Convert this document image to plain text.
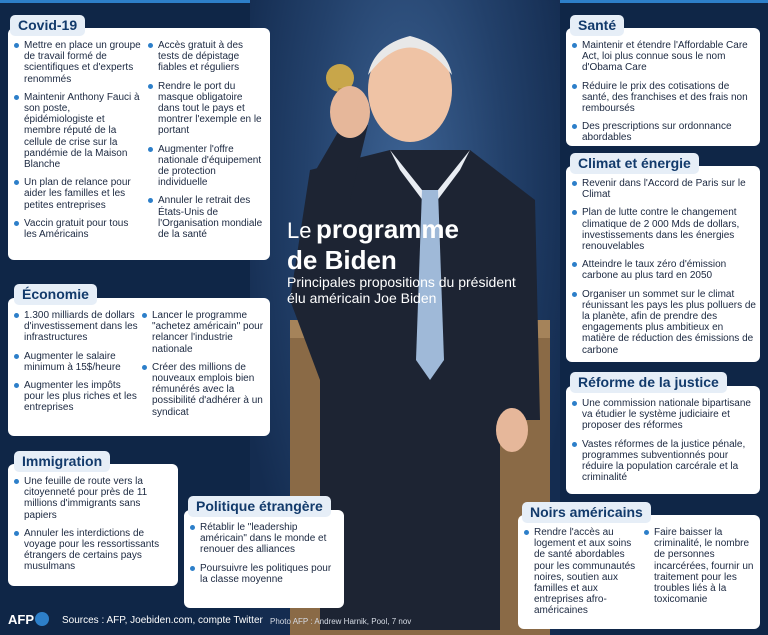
Le programme
de Biden
Principales propositions du président élu américain Joe Biden
Covid-19
Mettre en place un groupe de travail formé de scientifiques et d'experts renommés
Maintenir Anthony Fauci à son poste, épidémiologiste et membre réputé de la cellule de crise sur la pandémie de la Maison Blanche
Un plan de relance pour aider les familles et les petites entreprises
Vaccin gratuit pour tous les Américains
Accès gratuit à des tests de dépistage fiables et réguliers
Rendre le port du masque obligatoire dans tout le pays et montrer l'exemple en le portant
Augmenter l'offre nationale d'équipement de protection individuelle
Annuler le retrait des États-Unis de l'Organisation mondiale de la santé
Économie
1.300 milliards de dollars d'investissement dans les infrastructures
Augmenter le salaire minimum à 15$/heure
Augmenter les impôts pour les plus riches et les entreprises
Lancer le programme "achetez américain" pour relancer l'industrie nationale
Créer des millions de nouveaux emplois bien rémunérés avec la possibilité d'adhérer à un syndicat
Immigration
Une feuille de route vers la citoyenneté pour près de 11 millions d'immigrants sans papiers
Annuler les interdictions de voyage pour les ressortissants étrangers de certains pays musulmans
Politique étrangère
Rétablir le "leadership américain" dans le monde et renouer des alliances
Poursuivre les politiques pour la classe moyenne
Santé
Maintenir et étendre l'Affordable Care Act, loi plus connue sous le nom d'Obama Care
Réduire le prix des cotisations de santé, des franchises et des frais non remboursés
Des prescriptions sur ordonnance abordables
Climat et énergie
Revenir dans l'Accord de Paris sur le Climat
Plan de lutte contre le changement climatique de 2 000 Mds de dollars, investissements dans les énergies renouvelables
Atteindre le taux zéro d'émission carbone au plus tard en 2050
Organiser un sommet sur le climat réunissant les pays les plus polluers de la planète, afin de prendre des engagements plus ambitieux en matière de réduction des émissions de carbone
Réforme de la justice
Une commission nationale bipartisane va étudier le système judiciaire et proposer des réformes
Vastes réformes de la justice pénale, programmes subventionnés pour réduire la population carcérale et la criminalité
Noirs américains
Rendre l'accès au logement et aux soins de santé abordables pour les communautés noires, soutien aux familles et aux entreprises afro-américaines
Faire baisser la criminalité, le nombre de personnes incarcérées, fournir un traitement pour les troubles liés à la toxicomanie
AFP	Sources : AFP, Joebiden.com, compte Twitter Photo AFP : Andrew Harnik, Pool, 7 nov
